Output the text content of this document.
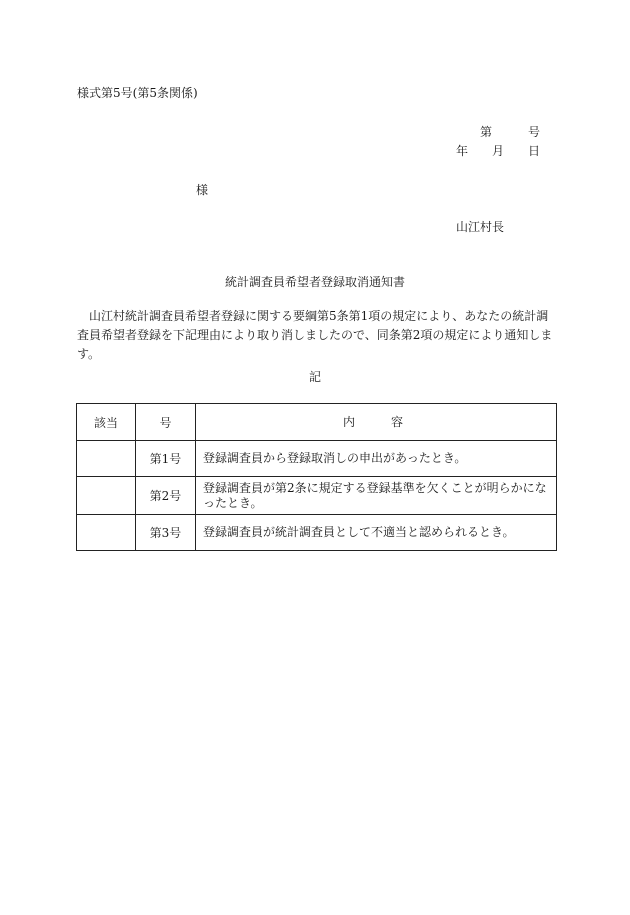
様式第5号(第5条関係)
第　　　号
年　　月　　日
様
山江村長
統計調査員希望者登録取消通知書
山江村統計調査員希望者登録に関する要綱第5条第1項の規定により、あなたの統計調査員希望者登録を下記理由により取り消しましたので、同条第2項の規定により通知します。
記
該当	号	内　　　容
	第1号	登録調査員から登録取消しの申出があったとき。
	第2号	登録調査員が第2条に規定する登録基準を欠くことが明らかになったとき。
	第3号	登録調査員が統計調査員として不適当と認められるとき。
